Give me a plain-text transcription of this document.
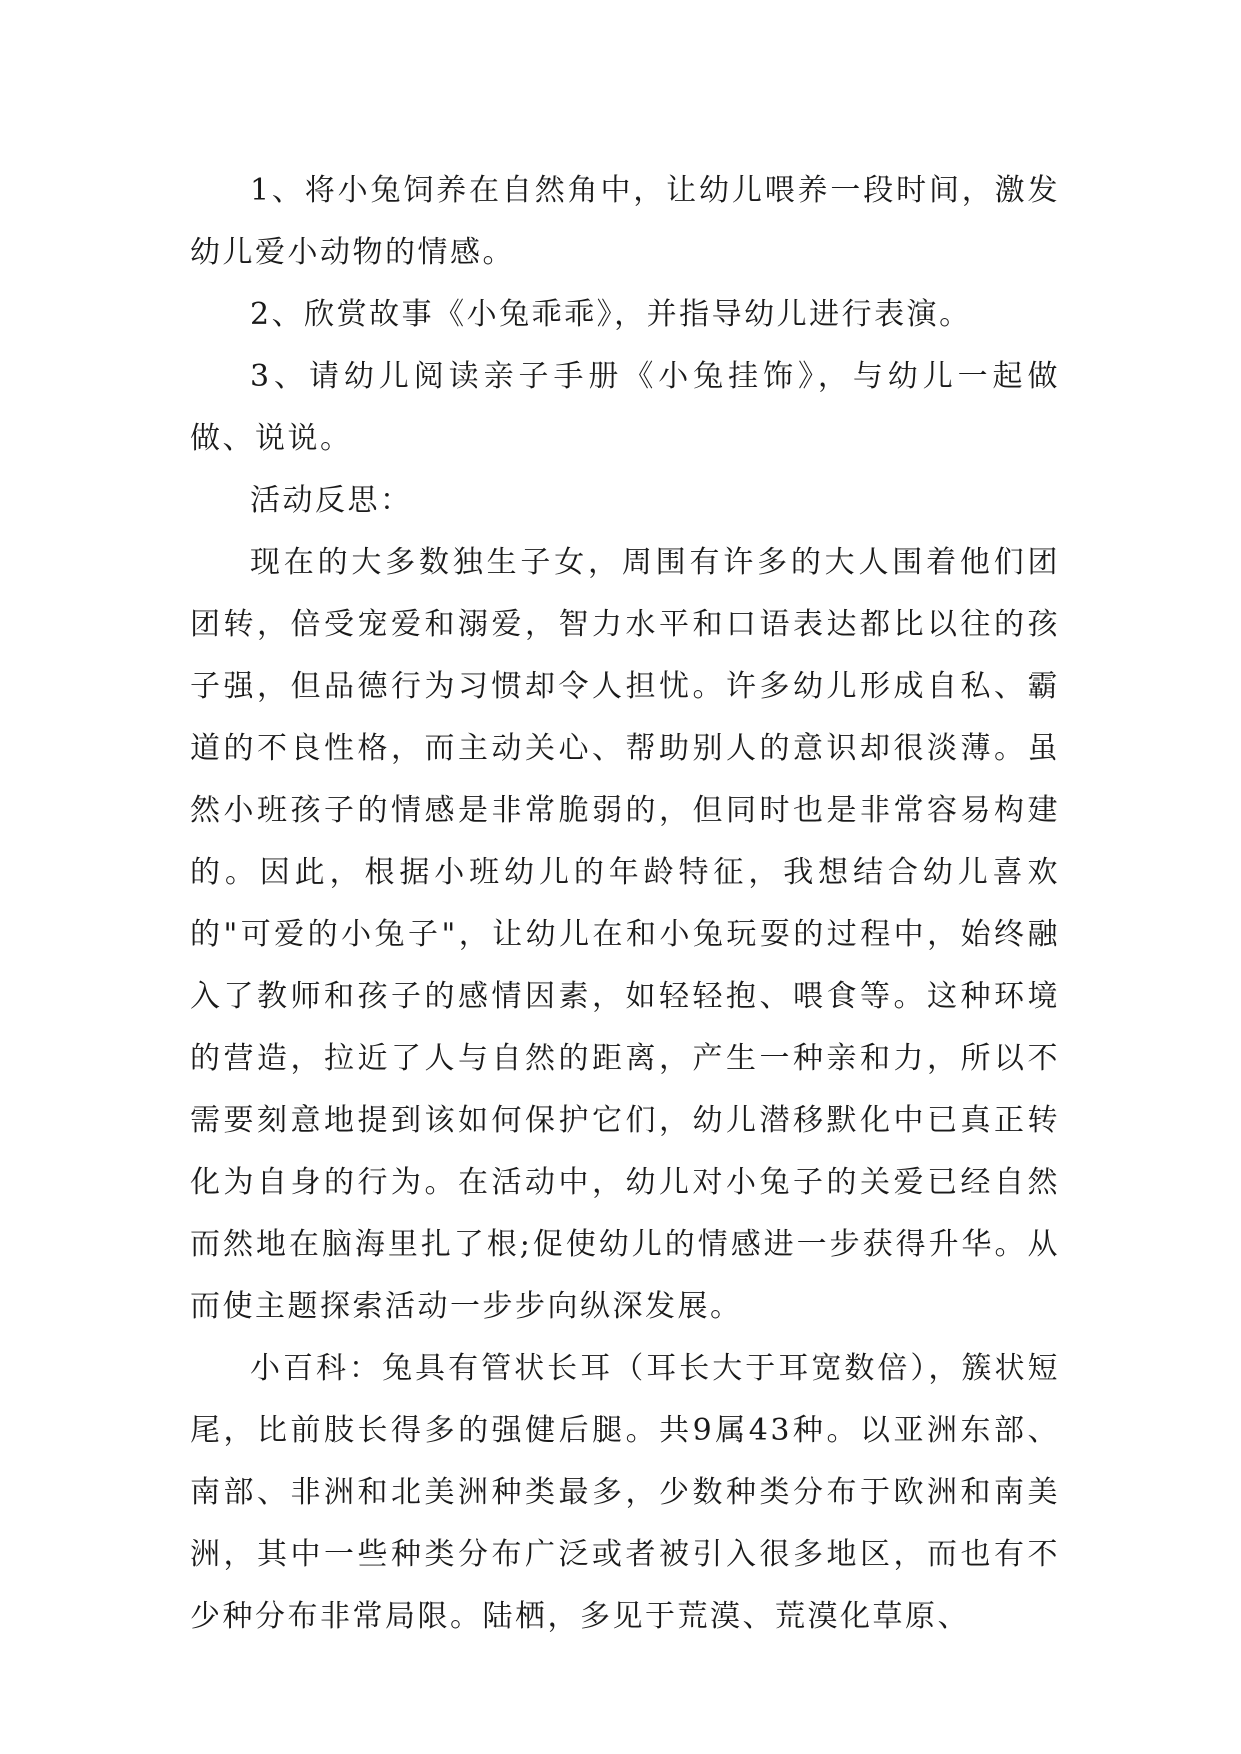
1、将小兔饲养在自然角中，让幼儿喂养一段时间，激发幼儿爱小动物的情感。

2、欣赏故事《小兔乖乖》，并指导幼儿进行表演。

3、请幼儿阅读亲子手册《小兔挂饰》，与幼儿一起做做、说说。

活动反思：

现在的大多数独生子女，周围有许多的大人围着他们团团转，倍受宠爱和溺爱，智力水平和口语表达都比以往的孩子强，但品德行为习惯却令人担忧。许多幼儿形成自私、霸道的不良性格，而主动关心、帮助别人的意识却很淡薄。虽然小班孩子的情感是非常脆弱的，但同时也是非常容易构建的。因此，根据小班幼儿的年龄特征，我想结合幼儿喜欢的"可爱的小兔子"，让幼儿在和小兔玩耍的过程中，始终融入了教师和孩子的感情因素，如轻轻抱、喂食等。这种环境的营造，拉近了人与自然的距离，产生一种亲和力，所以不需要刻意地提到该如何保护它们，幼儿潜移默化中已真正转化为自身的行为。在活动中，幼儿对小兔子的关爱已经自然而然地在脑海里扎了根;促使幼儿的情感进一步获得升华。从而使主题探索活动一步步向纵深发展。

小百科：兔具有管状长耳（耳长大于耳宽数倍），簇状短尾，比前肢长得多的强健后腿。共9属43种。以亚洲东部、南部、非洲和北美洲种类最多，少数种类分布于欧洲和南美洲，其中一些种类分布广泛或者被引入很多地区，而也有不少种分布非常局限。陆栖，多见于荒漠、荒漠化草原、
